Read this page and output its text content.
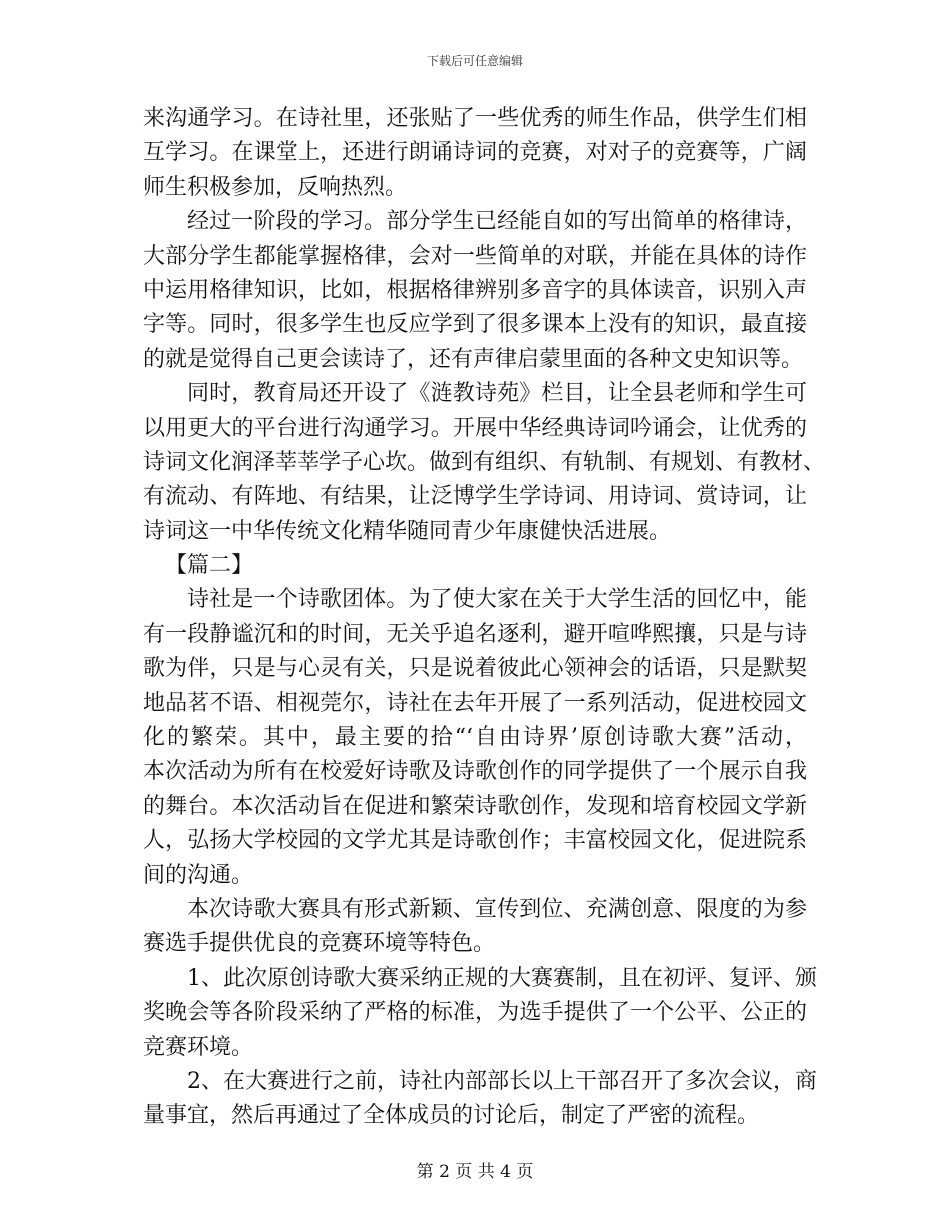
下载后可任意编辑
来沟通学习。在诗社里，还张贴了一些优秀的师生作品，供学生们相
互学习。在课堂上，还进行朗诵诗词的竞赛，对对子的竞赛等，广阔
师生积极参加，反响热烈。
经过一阶段的学习。部分学生已经能自如的写出简单的格律诗，
大部分学生都能掌握格律，会对一些简单的对联，并能在具体的诗作
中运用格律知识，比如，根据格律辨别多音字的具体读音，识别入声
字等。同时，很多学生也反应学到了很多课本上没有的知识，最直接
的就是觉得自己更会读诗了，还有声律启蒙里面的各种文史知识等。
同时，教育局还开设了《涟教诗苑》栏目，让全县老师和学生可
以用更大的平台进行沟通学习。开展中华经典诗词吟诵会，让优秀的
诗词文化润泽莘莘学子心坎。做到有组织、有轨制、有规划、有教材、
有流动、有阵地、有结果，让泛博学生学诗词、用诗词、赏诗词，让
诗词这一中华传统文化精华随同青少年康健快活进展。
【篇二】
诗社是一个诗歌团体。为了使大家在关于大学生活的回忆中，能
有一段静谧沉和的时间，无关乎追名逐利，避开喧哗熙攘，只是与诗
歌为伴，只是与心灵有关，只是说着彼此心领神会的话语，只是默契
地品茗不语、相视莞尔，诗社在去年开展了一系列活动，促进校园文
化的繁荣。其中，最主要的拾“‘自由诗界’原创诗歌大赛”活动，
本次活动为所有在校爱好诗歌及诗歌创作的同学提供了一个展示自我
的舞台。本次活动旨在促进和繁荣诗歌创作，发现和培育校园文学新
人，弘扬大学校园的文学尤其是诗歌创作；丰富校园文化，促进院系
间的沟通。
本次诗歌大赛具有形式新颖、宣传到位、充满创意、限度的为参
赛选手提供优良的竞赛环境等特色。
1、此次原创诗歌大赛采纳正规的大赛赛制，且在初评、复评、颁
奖晚会等各阶段采纳了严格的标准，为选手提供了一个公平、公正的
竞赛环境。
2、在大赛进行之前，诗社内部部长以上干部召开了多次会议，商
量事宜，然后再通过了全体成员的讨论后，制定了严密的流程。
第 2 页 共 4 页
